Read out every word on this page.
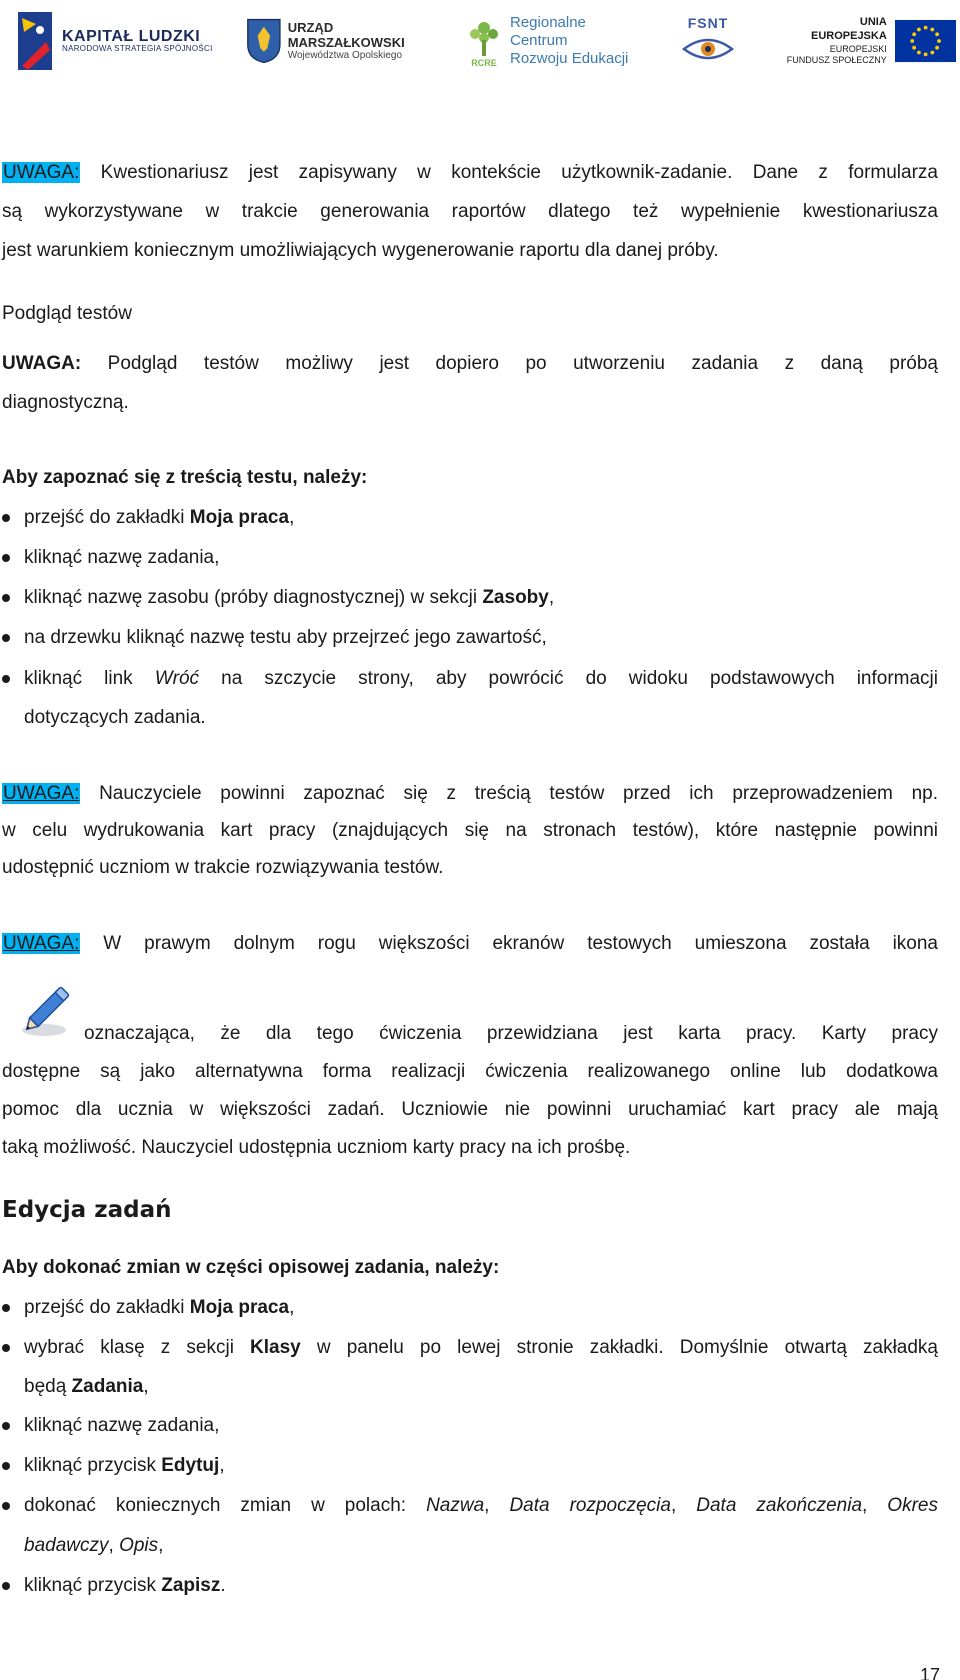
KAPITAŁ LUDZKI
NARODOWA STRATEGIA SPÓJNOŚCI
URZĄD MARSZAŁKOWSKI
Województwa Opolskiego
RCRE
Regionalne Centrum
Rozwoju Edukacji
FSNT	UNIA EUROPEJSKA
EUROPEJSKI
FUNDUSZ SPOŁECZNY
UWAGA: Kwestionariusz jest zapisywany w kontekście użytkownik-zadanie. Dane z formularza
są wykorzystywane w trakcie generowania raportów dlatego też wypełnienie kwestionariusza
jest warunkiem koniecznym umożliwiających wygenerowanie raportu dla danej próby.
Podgląd testów
UWAGA: Podgląd testów możliwy jest dopiero po utworzeniu zadania z daną próbą
diagnostyczną.
Aby zapoznać się z treścią testu, należy:
przejść do zakładki Moja praca,
kliknąć nazwę zadania,
kliknąć nazwę zasobu (próby diagnostycznej) w sekcji Zasoby,
na drzewku kliknąć nazwę testu aby przejrzeć jego zawartość,
kliknąć link Wróć na szczycie strony, aby powrócić do widoku podstawowych informacji
dotyczących zadania.
UWAGA: Nauczyciele powinni zapoznać się z treścią testów przed ich przeprowadzeniem np.
w celu wydrukowania kart pracy (znajdujących się na stronach testów), które następnie powinni
udostępnić uczniom w trakcie rozwiązywania testów.
UWAGA: W prawym dolnym rogu większości ekranów testowych umieszona została ikona
oznaczająca, że dla tego ćwiczenia przewidziana jest karta pracy. Karty pracy
dostępne są jako alternatywna forma realizacji ćwiczenia realizowanego online lub dodatkowa
pomoc dla ucznia w większości zadań. Uczniowie nie powinni uruchamiać kart pracy ale mają
taką możliwość. Nauczyciel udostępnia uczniom karty pracy na ich prośbę.
Edycja zadań
Aby dokonać zmian w części opisowej zadania, należy:
przejść do zakładki Moja praca,
wybrać klasę z sekcji Klasy w panelu po lewej stronie zakładki. Domyślnie otwartą zakładką
będą Zadania,
kliknąć nazwę zadania,
kliknąć przycisk Edytuj,
dokonać koniecznych zmian w polach: Nazwa, Data rozpoczęcia, Data zakończenia, Okres
badawczy, Opis,
kliknąć przycisk Zapisz.
17
